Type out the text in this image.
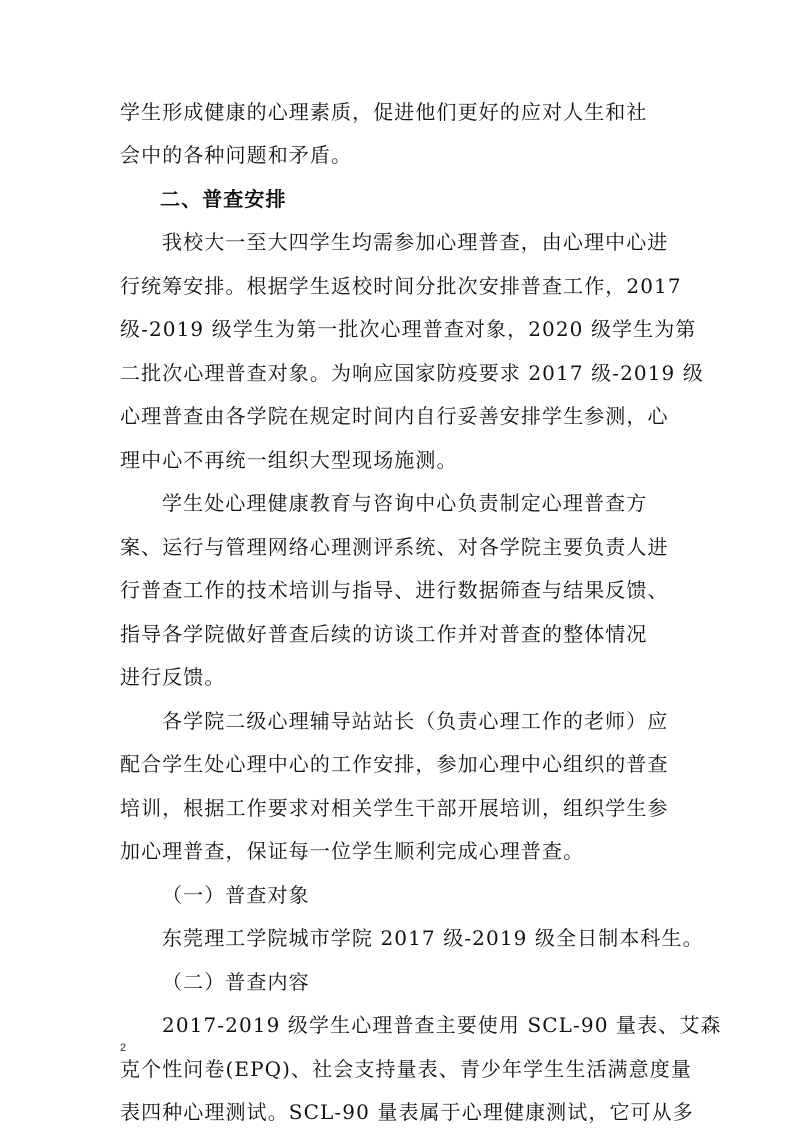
学生形成健康的心理素质，促进他们更好的应对人生和社
会中的各种问题和矛盾。
二、普查安排
我校大一至大四学生均需参加心理普查，由心理中心进
行统筹安排。根据学生返校时间分批次安排普查工作，2017
级-2019 级学生为第一批次心理普查对象，2020 级学生为第
二批次心理普查对象。为响应国家防疫要求 2017 级-2019 级
心理普查由各学院在规定时间内自行妥善安排学生参测，心
理中心不再统一组织大型现场施测。
学生处心理健康教育与咨询中心负责制定心理普查方
案、运行与管理网络心理测评系统、对各学院主要负责人进
行普查工作的技术培训与指导、进行数据筛查与结果反馈、
指导各学院做好普查后续的访谈工作并对普查的整体情况
进行反馈。
各学院二级心理辅导站站长（负责心理工作的老师）应
配合学生处心理中心的工作安排，参加心理中心组织的普查
培训，根据工作要求对相关学生干部开展培训，组织学生参
加心理普查，保证每一位学生顺利完成心理普查。
（一）普查对象
东莞理工学院城市学院 2017 级-2019 级全日制本科生。
（二）普查内容
2017-2019 级学生心理普查主要使用 SCL-90 量表、艾森
克个性问卷(EPQ)、社会支持量表、青少年学生生活满意度量
表四种心理测试。SCL-90 量表属于心理健康测试，它可从多
2
